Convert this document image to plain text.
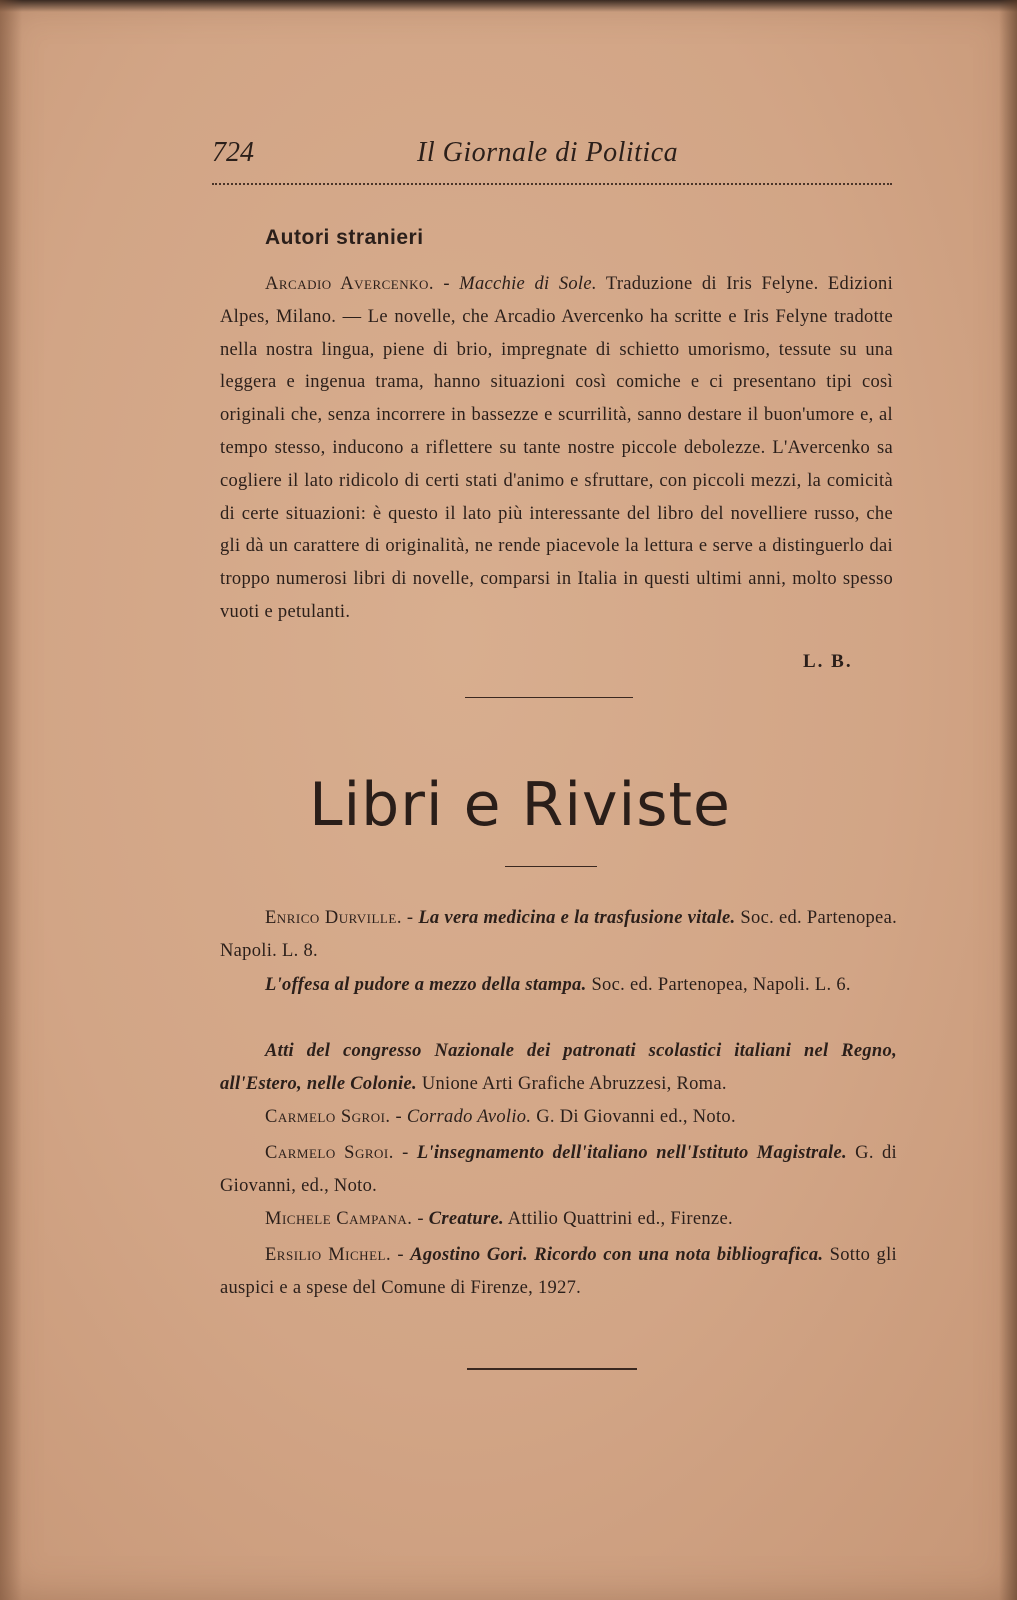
724	Il Giornale di Politica
Autori stranieri

Arcadio Avercenko. - Macchie di Sole. Traduzione di Iris Felyne. Edizioni Alpes, Milano. — Le novelle, che Arcadio Avercenko ha scritte e Iris Felyne tradotte nella nostra lingua, piene di brio, impregnate di schietto umorismo, tessute su una leggera e ingenua trama, hanno situazioni così comiche e ci presentano tipi così originali che, senza incorrere in bassezze e scurrilità, sanno destare il buon'umore e, al tempo stesso, inducono a riflettere su tante nostre piccole debolezze. L'Avercenko sa cogliere il lato ridicolo di certi stati d'animo e sfruttare, con piccoli mezzi, la comicità di certe situazioni: è questo il lato più interessante del libro del novelliere russo, che gli dà un carattere di originalità, ne rende piacevole la lettura e serve a distinguerlo dai troppo numerosi libri di novelle, comparsi in Italia in questi ultimi anni, molto spesso vuoti e petulanti.

L. B.
Libri e Riviste

Enrico Durville. - La vera medicina e la trasfusione vitale. Soc. ed. Partenopea. Napoli. L. 8.

L'offesa al pudore a mezzo della stampa. Soc. ed. Partenopea, Napoli. L. 6.

Atti del congresso Nazionale dei patronati scolastici italiani nel Regno, all'Estero, nelle Colonie. Unione Arti Grafiche Abruzzesi, Roma.

Carmelo Sgroi. - Corrado Avolio. G. Di Giovanni ed., Noto.

Carmelo Sgroi. - L'insegnamento dell'italiano nell'Istituto Magistrale. G. di Giovanni, ed., Noto.

Michele Campana. - Creature. Attilio Quattrini ed., Firenze.

Ersilio Michel. - Agostino Gori. Ricordo con una nota bibliografica. Sotto gli auspici e a spese del Comune di Firenze, 1927.
